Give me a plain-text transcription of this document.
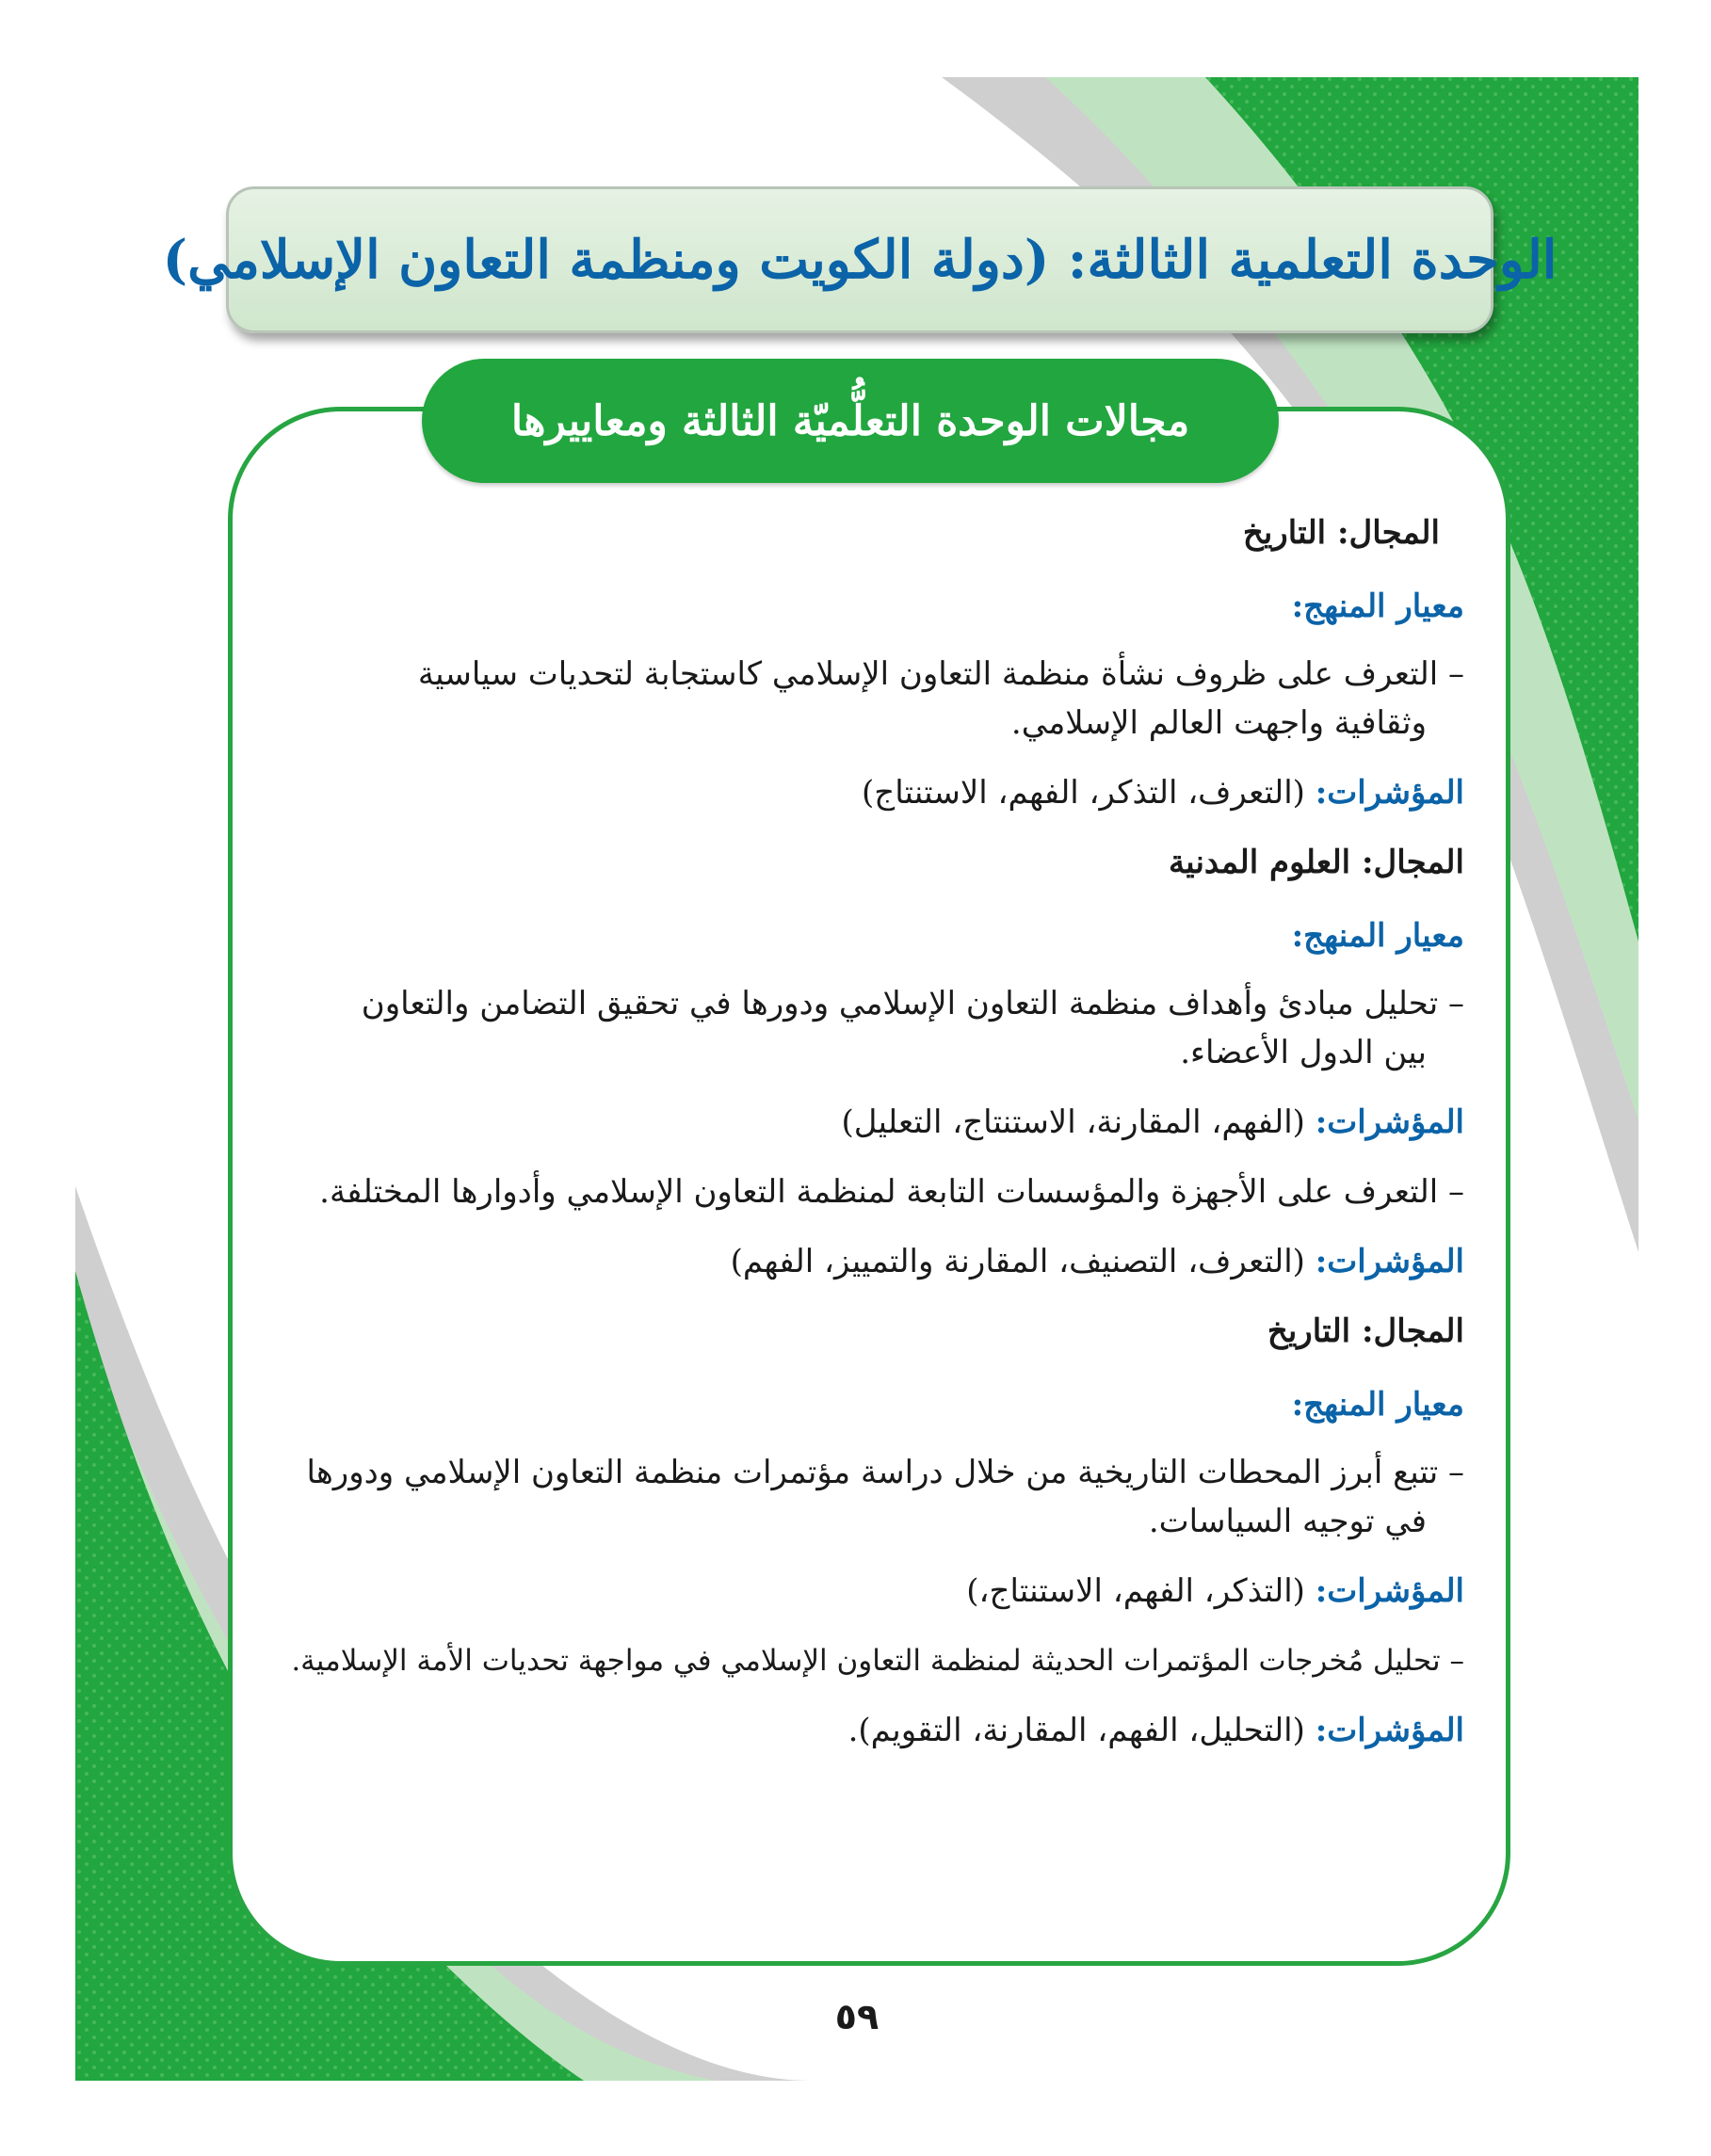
الوحدة التعلمية الثالثة: (دولة الكويت ومنظمة التعاون الإسلامي)
مجالات الوحدة التعلُّميّة الثالثة ومعاييرها

المجال: التاريخ

معيار المنهج:

– التعرف على ظروف نشأة منظمة التعاون الإسلامي كاستجابة لتحديات سياسية

وثقافية واجهت العالم الإسلامي.

المؤشرات: (التعرف، التذكر، الفهم، الاستنتاج)

المجال: العلوم المدنية

معيار المنهج:

– تحليل مبادئ وأهداف منظمة التعاون الإسلامي ودورها في تحقيق التضامن والتعاون

بين الدول الأعضاء.

المؤشرات: (الفهم، المقارنة، الاستنتاج، التعليل)

– التعرف على الأجهزة والمؤسسات التابعة لمنظمة التعاون الإسلامي وأدوارها المختلفة.

المؤشرات: (التعرف، التصنيف، المقارنة والتمييز، الفهم)

المجال: التاريخ

معيار المنهج:

– تتبع أبرز المحطات التاريخية من خلال دراسة مؤتمرات منظمة التعاون الإسلامي ودورها

في توجيه السياسات.

المؤشرات: (التذكر، الفهم، الاستنتاج،)

– تحليل مُخرجات المؤتمرات الحديثة لمنظمة التعاون الإسلامي في مواجهة تحديات الأمة الإسلامية.

المؤشرات: (التحليل، الفهم، المقارنة، التقويم).

٥٩
